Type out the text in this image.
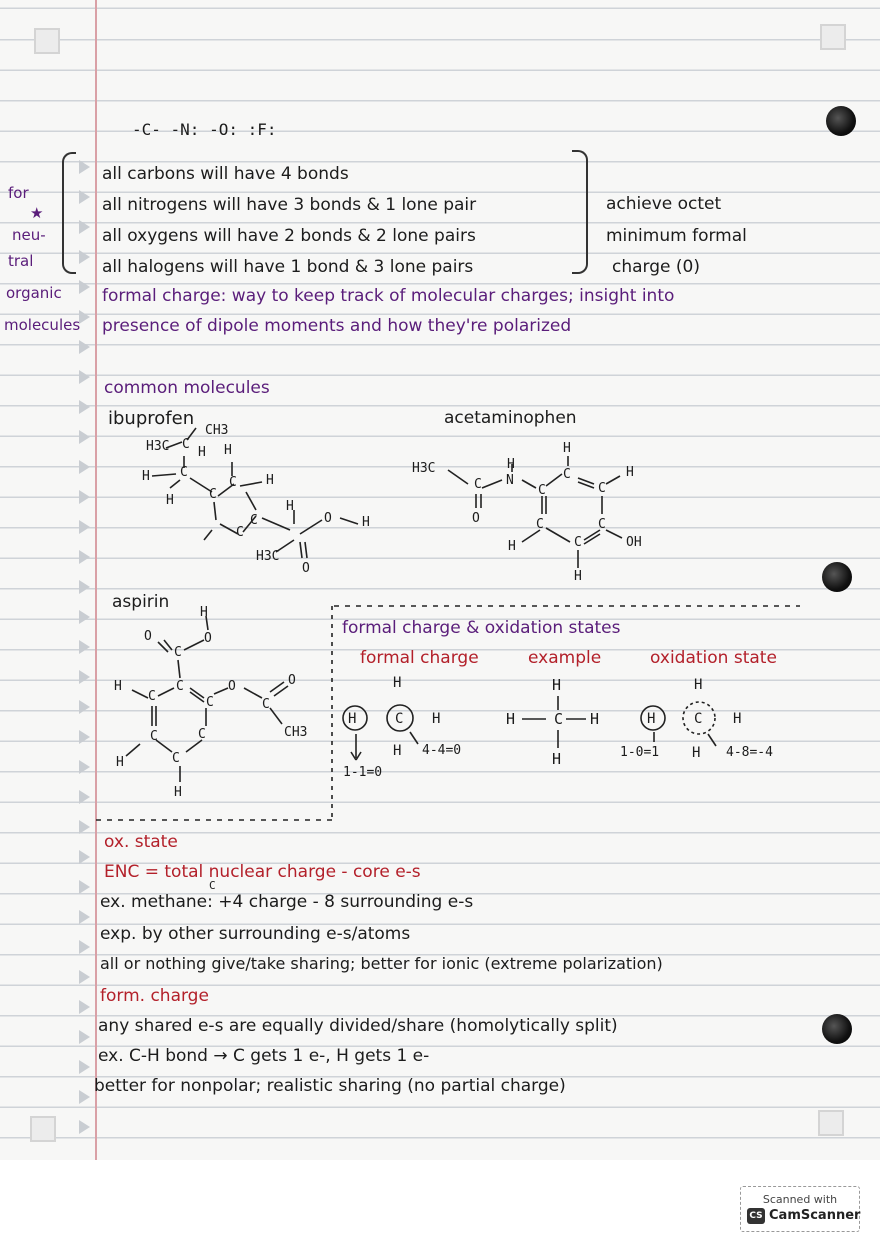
-C- -N: -O: :F:
for
★
neu-
tral
organic
molecules
all carbons will have 4 bonds
all nitrogens will have 3 bonds & 1 lone pair
all oxygens will have 2 bonds & 2 lone pairs
all halogens will have 1 bond & 3 lone pairs
achieve octet
minimum formal
charge (0)
formal charge: way to keep track of molecular charges; insight into
presence of dipole moments and how they're polarized
common molecules
ibuprofen
CH3
H3C C
H H
H C
H	C
C H
H
C
C	O H
H3C
O
acetaminophen
H3C	H
H
C N
C
C
C
H
O	C	C
H	C	OH
H
aspirin
H
O	O
C
H
C
C	O
C
O
C
C	CH3
C
C
H
H
formal charge & oxidation states
formal charge	example	oxidation state
H	C H
H
H
1-1=0
4-4=0
H	C H
H
H
H
H	C H
H
1-0=1	4-8=-4
ox. state
ENC = total nuclear charge - core e-s
C
ex. methane: +4 charge - 8 surrounding e-s
exp. by other surrounding e-s/atoms
all or nothing give/take sharing; better for ionic (extreme polarization)
form. charge
any shared e-s are equally divided/share (homolytically split)
ex. C-H bond → C gets 1 e-, H gets 1 e-
better for nonpolar; realistic sharing (no partial charge)
Scanned with
CS CamScanner
